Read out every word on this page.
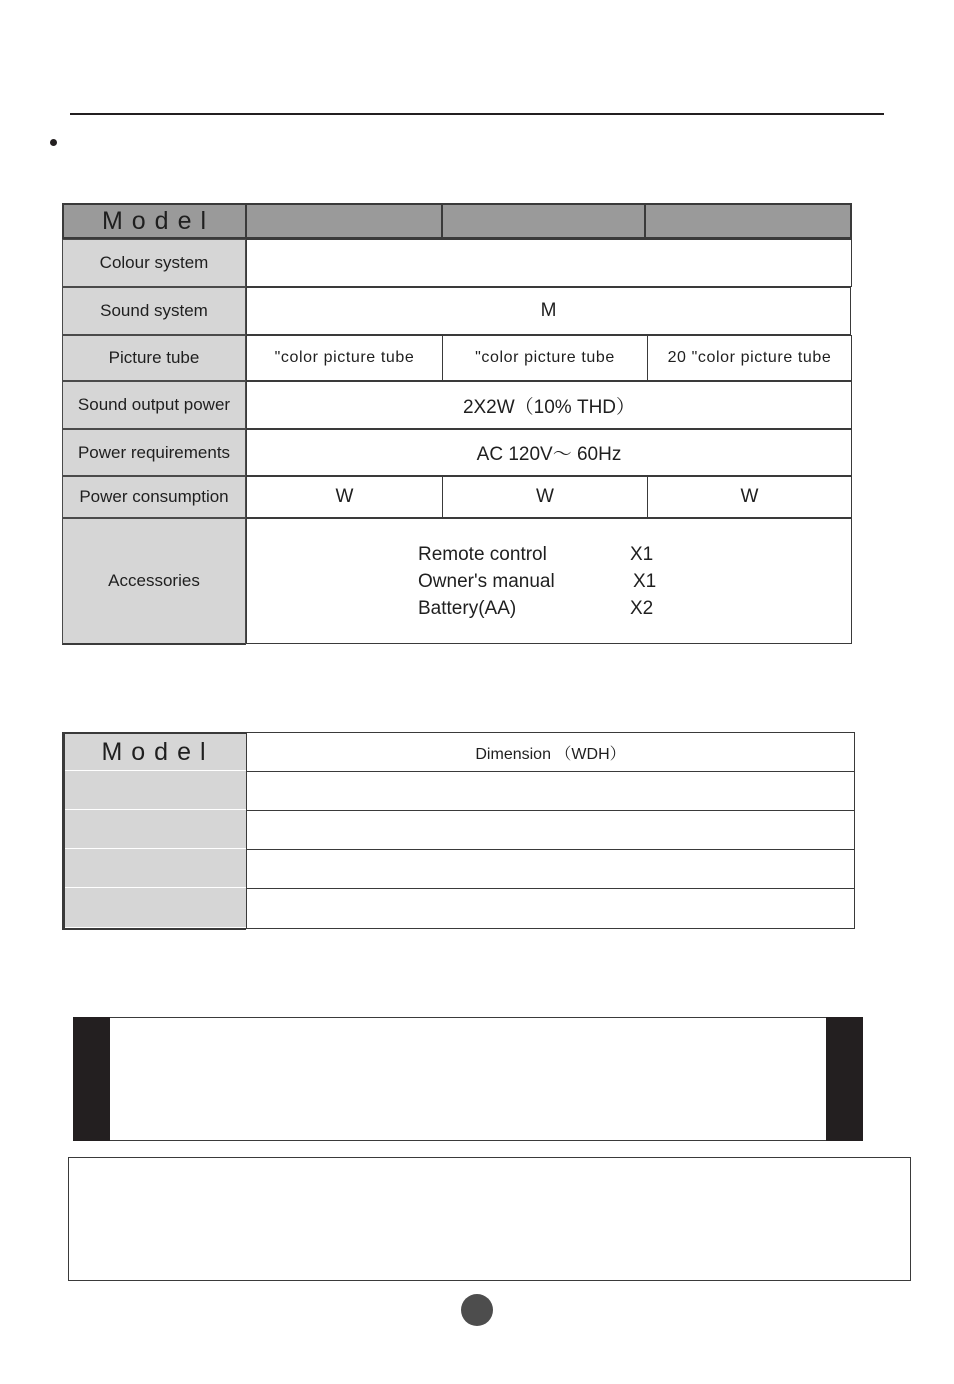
Model
Colour system
Sound system	M
Picture tube	"color picture tube	"color picture tube	20 "color picture tube
Sound output power	2X2W（10% THD）
Power requirements	AC 120V～ 60Hz
Power consumption	W	W	W
Accessories
Remote control	X1
Owner's manual	X1
Battery(AA)	X2
Model	Dimension （WDH）
